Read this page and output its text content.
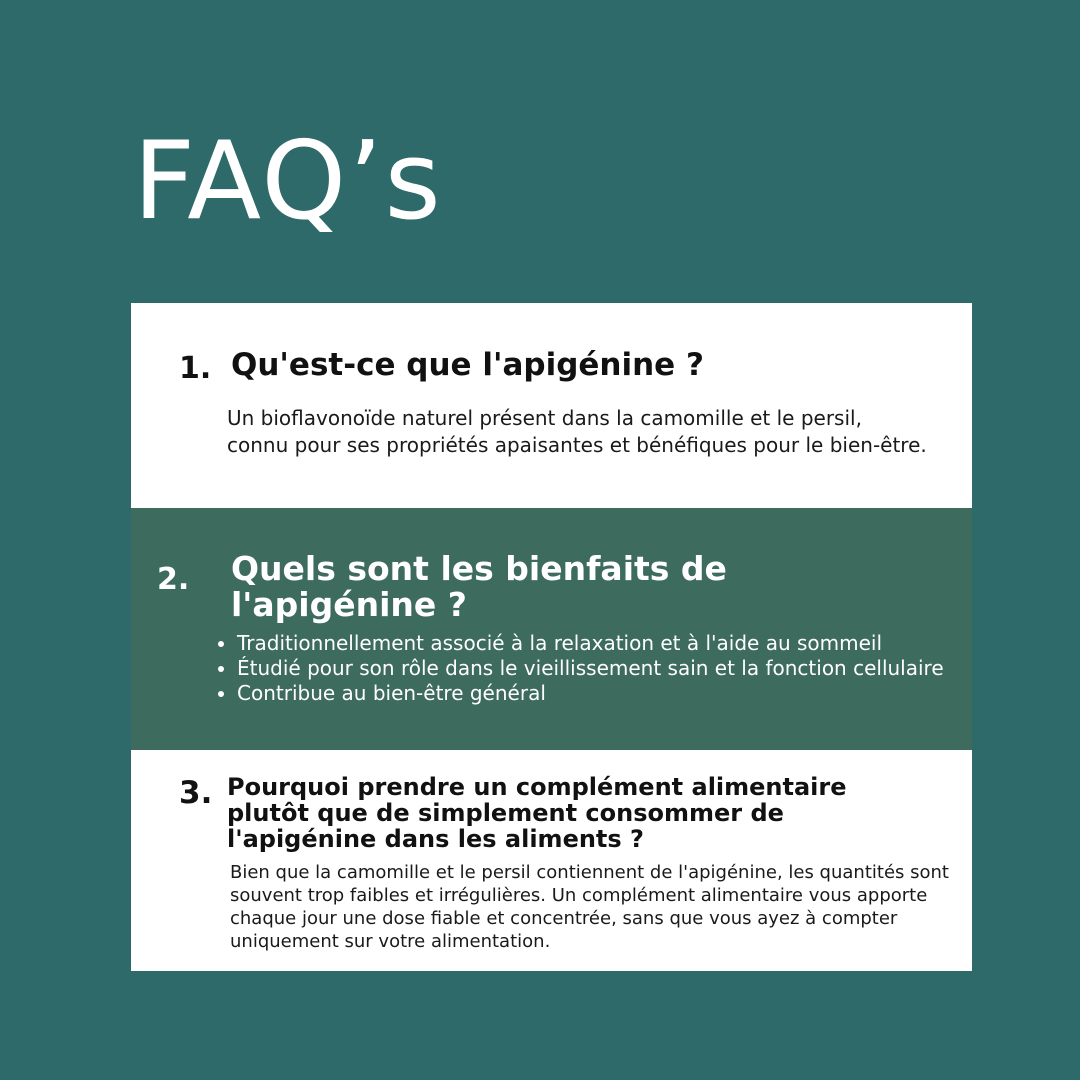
FAQ’s
1. Qu'est-ce que l'apigénine ?

Un bioflavonoïde naturel présent dans la camomille et le persil, connu pour ses propriétés apaisantes et bénéfiques pour le bien-être.

2. Quels sont les bienfaits de l'apigénine ?
• Traditionnellement associé à la relaxation et à l'aide au sommeil
• Étudié pour son rôle dans le vieillissement sain et la fonction cellulaire
• Contribue au bien-être général
3. Pourquoi prendre un complément alimentaire plutôt que de simplement consommer de l'apigénine dans les aliments ?

Bien que la camomille et le persil contiennent de l'apigénine, les quantités sont souvent trop faibles et irrégulières. Un complément alimentaire vous apporte chaque jour une dose fiable et concentrée, sans que vous ayez à compter uniquement sur votre alimentation.
